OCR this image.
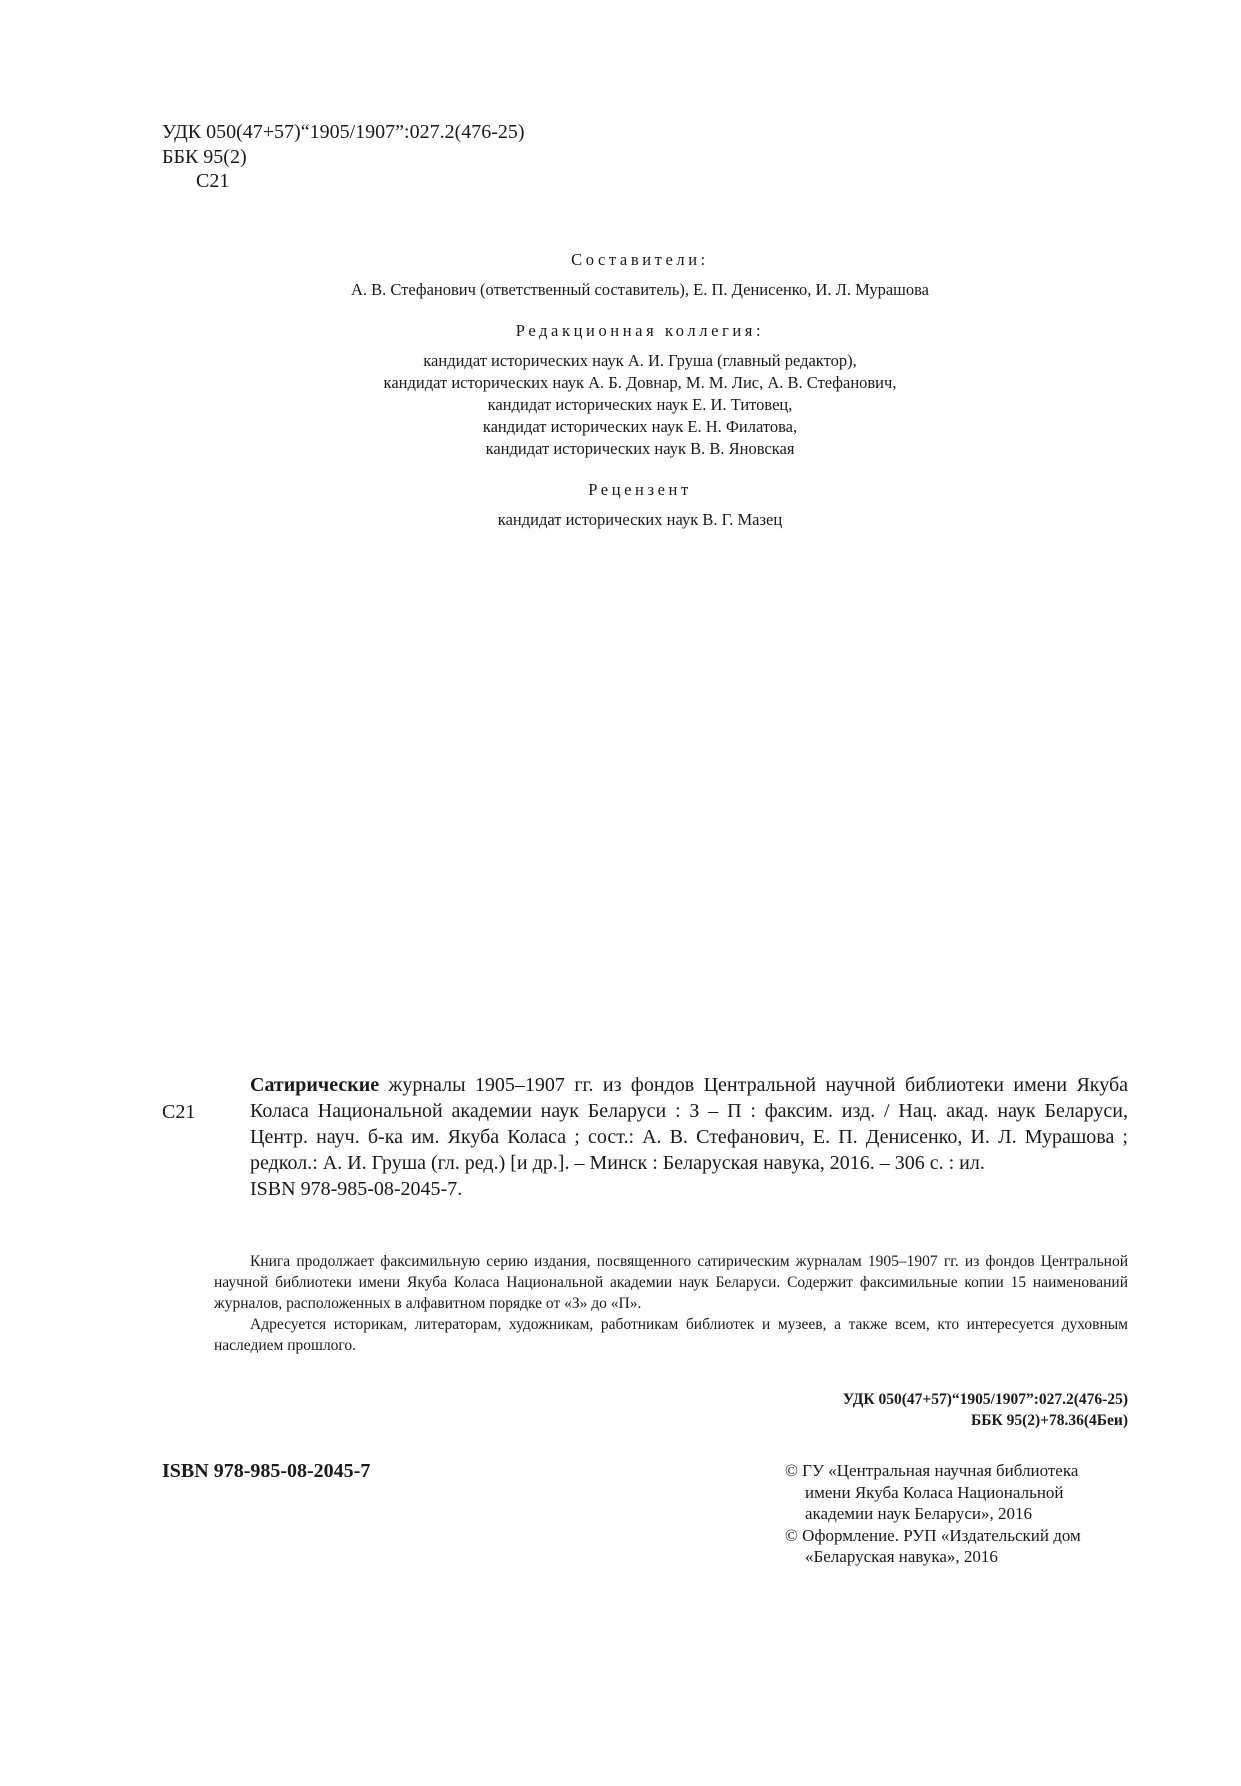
УДК 050(47+57)“1905/1907”:027.2(476-25)
ББК 95(2)
С21
Составители:
А. В. Стефанович (ответственный составитель), Е. П. Денисенко, И. Л. Мурашова
Редакционная коллегия:
кандидат исторических наук А. И. Груша (главный редактор),
кандидат исторических наук А. Б. Довнар, М. М. Лис, А. В. Стефанович,
кандидат исторических наук Е. И. Титовец,
кандидат исторических наук Е. Н. Филатова,
кандидат исторических наук В. В. Яновская
Рецензент
кандидат исторических наук В. Г. Мазец
С21
Сатирические журналы 1905–1907 гг. из фондов Центральной научной библиотеки имени Якуба Коласа Национальной академии наук Беларуси : З – П : факсим. изд. / Нац. акад. наук Беларуси, Центр. науч. б-ка им. Якуба Коласа ; сост.: А. В. Стефанович, Е. П. Денисенко, И. Л. Мурашова ; редкол.: А. И. Груша (гл. ред.) [и др.]. – Минск : Беларуская навука, 2016. – 306 с. : ил.
ISBN 978-985-08-2045-7.

Книга продолжает факсимильную серию издания, посвященного сатирическим журналам 1905–1907 гг. из фондов Центральной научной библиотеки имени Якуба Коласа Национальной академии наук Беларуси. Содержит факсимильные копии 15 наименований журналов, расположенных в алфавитном порядке от «З» до «П».

Адресуется историкам, литераторам, художникам, работникам библиотек и музеев, а также всем, кто интересуется духовным наследием прошлого.

УДК 050(47+57)“1905/1907”:027.2(476-25)
ББК 95(2)+78.36(4Беи)
ISBN 978-985-08-2045-7	© ГУ «Центральная научная библиотека
имени Якуба Коласа Национальной
академии наук Беларуси», 2016
© Оформление. РУП «Издательский дом
«Беларуская навука», 2016
